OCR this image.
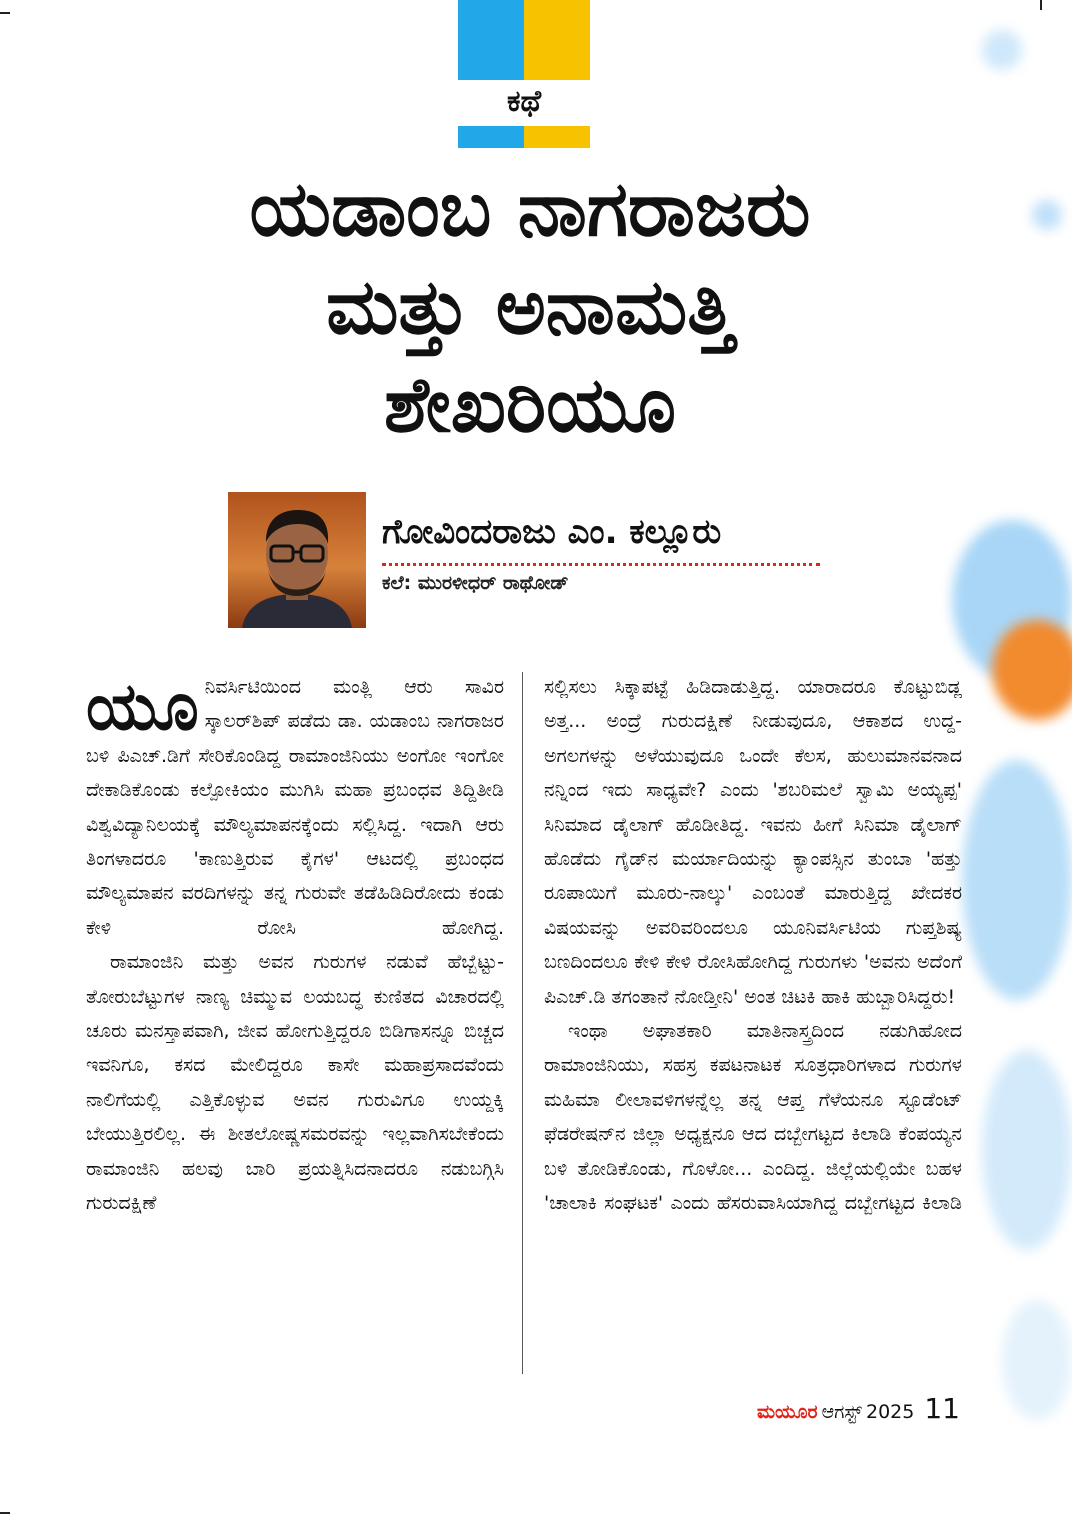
ಕಥೆ
ಯಡಾಂಬ ನಾಗರಾಜರು
ಮತ್ತು ಅನಾಮತ್ತಿ
ಶೇಖರಿಯೂ
ಗೋವಿಂದರಾಜು ಎಂ. ಕಲ್ಲೂರು
ಕಲೆ: ಮುರಳೀಧರ್ ರಾಥೋಡ್

ಯೂನಿವರ್ಸಿಟಿಯಿಂದ ಮಂತ್ಲಿ ಆರು ಸಾವಿರ ಸ್ಕಾಲರ್‌ಶಿಪ್ ಪಡೆದು ಡಾ. ಯಡಾಂಬ ನಾಗರಾಜರ ಬಳಿ ಪಿಎಚ್.ಡಿಗೆ ಸೇರಿಕೊಂಡಿದ್ದ ರಾಮಾಂಜಿನಿಯು ಅಂಗೋ ಇಂಗೋ ದೇಕಾಡಿಕೊಂಡು ಕಲ್ಪೋಕಿಯಂ ಮುಗಿಸಿ ಮಹಾ ಪ್ರಬಂಧವ ತಿದ್ದಿತೀಡಿ ವಿಶ್ವವಿದ್ಯಾನಿಲಯಕ್ಕೆ ಮೌಲ್ಯಮಾಪನಕ್ಕೆಂದು ಸಲ್ಲಿಸಿದ್ದ. ಇದಾಗಿ ಆರು ತಿಂಗಳಾದರೂ 'ಕಾಣುತ್ತಿರುವ ಕೈಗಳ' ಆಟದಲ್ಲಿ ಪ್ರಬಂಧದ ಮೌಲ್ಯಮಾಪನ ವರದಿಗಳನ್ನು ತನ್ನ ಗುರುವೇ ತಡೆಹಿಡಿದಿರೋದು ಕಂಡು ಕೇಳಿ ರೋಸಿ ಹೋಗಿದ್ದ.

ರಾಮಾಂಜಿನಿ ಮತ್ತು ಅವನ ಗುರುಗಳ ನಡುವೆ ಹೆಬ್ಬೆಟ್ಟು-ತೋರುಬೆಟ್ಟುಗಳ ನಾಣ್ಯ ಚಿಮ್ಮುವ ಲಯಬದ್ಧ ಕುಣಿತದ ವಿಚಾರದಲ್ಲಿ ಚೂರು ಮನಸ್ತಾಪವಾಗಿ, ಜೀವ ಹೋಗುತ್ತಿದ್ದರೂ ಬಿಡಿಗಾಸನ್ನೂ ಬಿಚ್ಚದ ಇವನಿಗೂ, ಕಸದ ಮೇಲಿದ್ದರೂ ಕಾಸೇ ಮಹಾಪ್ರಸಾದವೆಂದು ನಾಲಿಗೆಯಲ್ಲಿ ಎತ್ತಿಕೊಳ್ಳುವ ಅವನ ಗುರುವಿಗೂ ಉಯ್ದಕ್ಕಿ ಬೇಯುತ್ತಿರಲಿಲ್ಲ. ಈ ಶೀತಲೋಷ್ಣಸಮರವನ್ನು ಇಲ್ಲವಾಗಿಸಬೇಕೆಂದು ರಾಮಾಂಜಿನಿ ಹಲವು ಬಾರಿ ಪ್ರಯತ್ನಿಸಿದನಾದರೂ ನಡುಬಗ್ಗಿಸಿ ಗುರುದಕ್ಷಿಣೆ

ಸಲ್ಲಿಸಲು ಸಿಕ್ಕಾಪಟ್ಟೆ ಹಿಡಿದಾಡುತ್ತಿದ್ದ. ಯಾರಾದರೂ ಕೊಟ್ಟುಬಿಡ್ಲ ಅತ್ತ... ಅಂದ್ರೆ ಗುರುದಕ್ಷಿಣೆ ನೀಡುವುದೂ, ಆಕಾಶದ ಉದ್ದ-ಅಗಲಗಳನ್ನು ಅಳೆಯುವುದೂ ಒಂದೇ ಕೆಲಸ, ಹುಲುಮಾನವನಾದ ನನ್ನಿಂದ ಇದು ಸಾಧ್ಯವೇ? ಎಂದು 'ಶಬರಿಮಲೆ ಸ್ವಾಮಿ ಅಯ್ಯಪ್ಪ' ಸಿನಿಮಾದ ಡೈಲಾಗ್ ಹೊಡೀತಿದ್ದ. ಇವನು ಹೀಗೆ ಸಿನಿಮಾ ಡೈಲಾಗ್ ಹೊಡೆದು ಗೈಡ್‌ನ ಮರ್ಯಾದಿಯನ್ನು ಕ್ಯಾಂಪಸ್ಸಿನ ತುಂಬಾ 'ಹತ್ತು ರೂಪಾಯಿಗೆ ಮೂರು-ನಾಲ್ಕು' ಎಂಬಂತೆ ಮಾರುತ್ತಿದ್ದ ಖೇದಕರ ವಿಷಯವನ್ನು ಅವರಿವರಿಂದಲೂ ಯೂನಿವರ್ಸಿಟಿಯ ಗುಪ್ತಶಿಷ್ಯ ಬಣದಿಂದಲೂ ಕೇಳಿ ಕೇಳಿ ರೋಸಿಹೋಗಿದ್ದ ಗುರುಗಳು 'ಅವನು ಅದೆಂಗೆ ಪಿಎಚ್.ಡಿ ತಗಂತಾನೆ ನೋಡ್ತೀನಿ' ಅಂತ ಚಿಟಕಿ ಹಾಕಿ ಹುಬ್ಬಾರಿಸಿದ್ದರು!

ಇಂಥಾ ಅಘಾತಕಾರಿ ಮಾತಿನಾಸ್ತ್ರದಿಂದ ನಡುಗಿಹೋದ ರಾಮಾಂಜಿನಿಯು, ಸಹಸ್ರ ಕಪಟನಾಟಕ ಸೂತ್ರಧಾರಿಗಳಾದ ಗುರುಗಳ ಮಹಿಮಾ ಲೀಲಾವಳಿಗಳನ್ನೆಲ್ಲ ತನ್ನ ಆಪ್ತ ಗೆಳೆಯನೂ ಸ್ಟೂಡೆಂಟ್ ಫೆಡರೇಷನ್‌ನ ಜಿಲ್ಲಾ ಅಧ್ಯಕ್ಷನೂ ಆದ ದಬ್ಬೇಗಟ್ಟದ ಕಿಲಾಡಿ ಕೆಂಪಯ್ಯನ ಬಳಿ ತೋಡಿಕೊಂಡು, ಗೊಳೋ... ಎಂದಿದ್ದ. ಜಿಲ್ಲೆಯಲ್ಲಿಯೇ ಬಹಳ 'ಚಾಲಾಕಿ ಸಂಘಟಕ' ಎಂದು ಹೆಸರುವಾಸಿಯಾಗಿದ್ದ ದಬ್ಬೇಗಟ್ಟದ ಕಿಲಾಡಿ

ಮಯೂರ ಆಗಸ್ಟ್ 2025 11
